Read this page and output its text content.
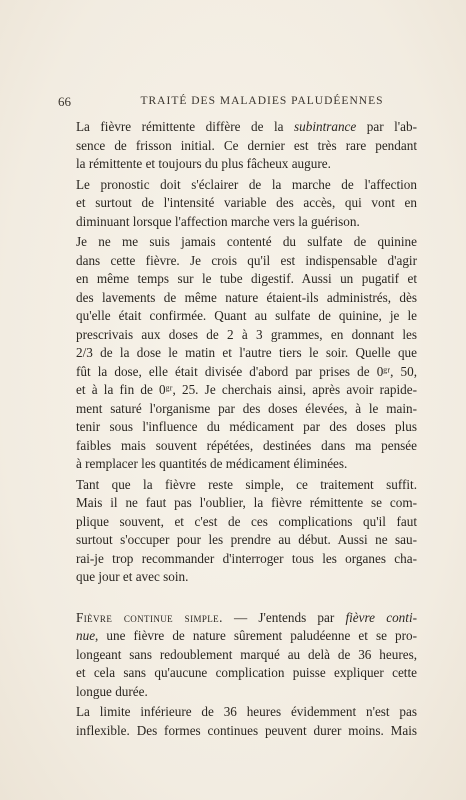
66	TRAITÉ DES MALADIES PALUDÉENNES
La fièvre rémittente diffère de la subintrance par l'ab-
sence de frisson initial. Ce dernier est très rare pendant
la rémittente et toujours du plus fâcheux augure.
Le pronostic doit s'éclairer de la marche de l'affection
et surtout de l'intensité variable des accès, qui vont en
diminuant lorsque l'affection marche vers la guérison.
Je ne me suis jamais contenté du sulfate de quinine
dans cette fièvre. Je crois qu'il est indispensable d'agir
en même temps sur le tube digestif. Aussi un pugatif et
des lavements de même nature étaient-ils administrés, dès
qu'elle était confirmée. Quant au sulfate de quinine, je le
prescrivais aux doses de 2 à 3 grammes, en donnant les
2/3 de la dose le matin et l'autre tiers le soir. Quelle que
fût la dose, elle était divisée d'abord par prises de 0ᵍʳ, 50,
et à la fin de 0ᵍʳ, 25. Je cherchais ainsi, après avoir rapide-
ment saturé l'organisme par des doses élevées, à le main-
tenir sous l'influence du médicament par des doses plus
faibles mais souvent répétées, destinées dans ma pensée
à remplacer les quantités de médicament éliminées.
Tant que la fièvre reste simple, ce traitement suffit.
Mais il ne faut pas l'oublier, la fièvre rémittente se com-
plique souvent, et c'est de ces complications qu'il faut
surtout s'occuper pour les prendre au début. Aussi ne sau-
rai-je trop recommander d'interroger tous les organes cha-
que jour et avec soin.
Fièvre continue simple. — J'entends par fièvre conti-
nue, une fièvre de nature sûrement paludéenne et se pro-
longeant sans redoublement marqué au delà de 36 heures,
et cela sans qu'aucune complication puisse expliquer cette
longue durée.
La limite inférieure de 36 heures évidemment n'est pas
inflexible. Des formes continues peuvent durer moins. Mais
